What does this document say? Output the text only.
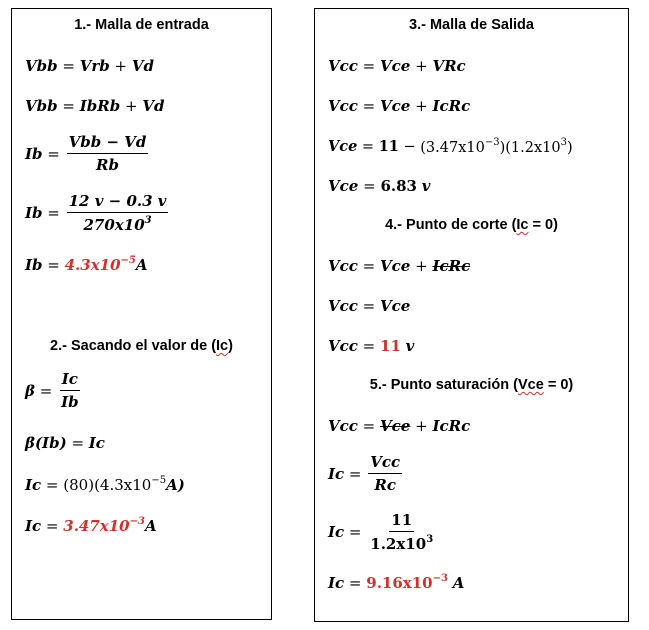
1.- Malla de entrada
Vbb = Vrb + Vd
Vbb = IbRb + Vd
$Ib = \frac{\text{Vbb − Vd}}{Rb}$
$Ib = \frac{12 v - 0.3 v}{270x10^3}$
$Ib = 4.3x10^{-5}$ A
2.- Sacando el valor de (Ic)
$\beta = \frac{Ic}{Ib}$
β(Ib) = Ic
Ic = (80) $(4.3x10^{-5}A)$
$Ic = 3.47x10^{-3}$ A
3.- Malla de Salida
Vcc = Vce + VRc
Vcc = Vce + IcRc
Vce = $11 - (3.47x10^{-3})$ $(1.2x10^3)$
Vce = 6.83
v
4.- Punto de corte (Ic = 0)
Vcc = Vce + IcRc
Vcc = Vce
Vcc = 11
v
5.- Punto saturación (Vce = 0)
Vcc = Vce + IcRc
$Ic = \frac{\text{Vcc}}{Rc}$
$Ic = \frac{11}{1.2x10^3}$
$Ic = 9.16x10^{-3}$
A
